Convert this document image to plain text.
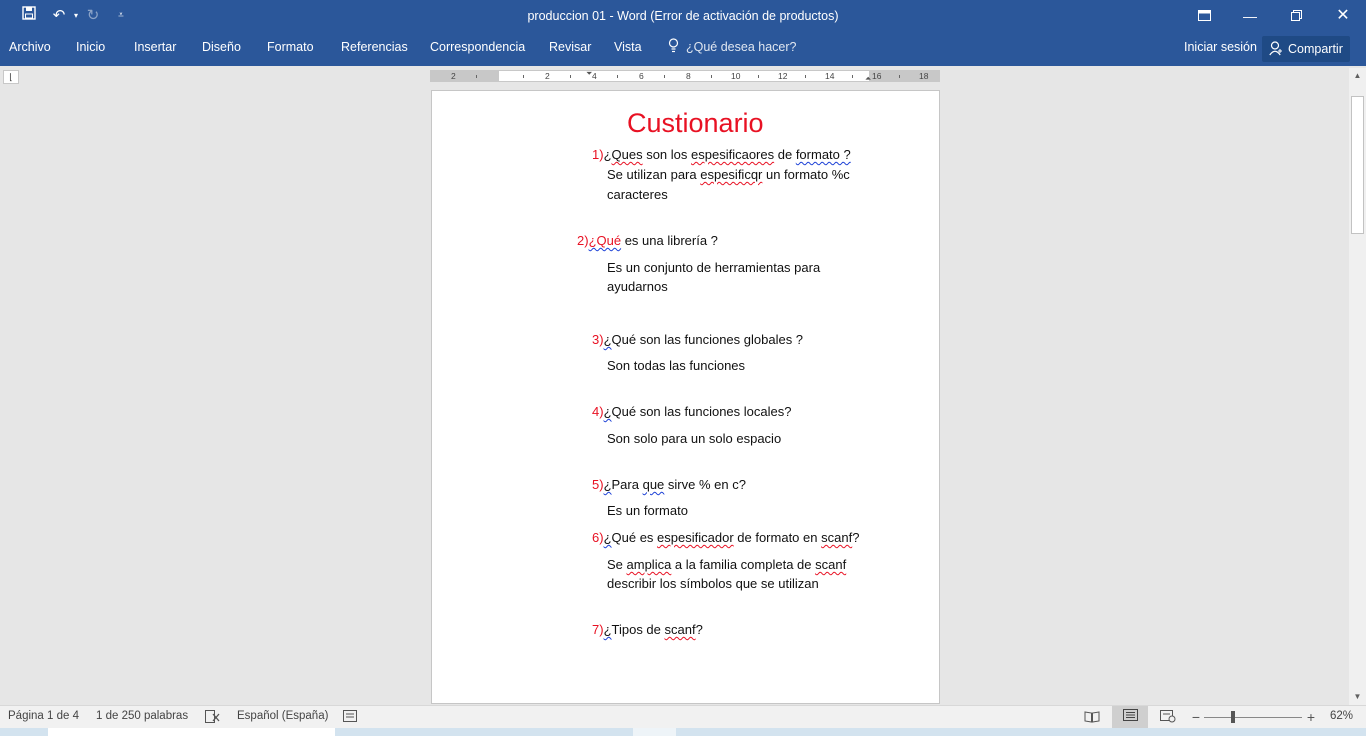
↶	▾ ↻	⩡	produccion 01 - Word (Error de activación de productos)	—	✕
Archivo Inicio Insertar Diseño Formato Referencias Correspondencia Revisar Vista	¿Qué desea hacer?	Iniciar sesión Compartir
⌊	2	2	4	6	8	10	12	14	16	18
⏷
⏶
Custionario
1)¿Ques son los espesificaores de formato ?
Se utilizan para espesificqr un formato %c
caracteres
2)¿Qué es una librería ?
Es un conjunto de herramientas para
ayudarnos
3)¿Qué son las funciones globales ?
Son todas las funciones
4)¿Qué son las funciones locales?
Son solo para un solo espacio
5)¿Para que sirve % en c?
Es un formato
6)¿Qué es espesificador de formato en scanf?
Se amplica a la familia completa de scanf
describir los símbolos que se utilizan
7)¿Tipos de scanf?
▲
▼
Página 1 de 4 1 de 250 palabras	Español (España)	−	+	62%
